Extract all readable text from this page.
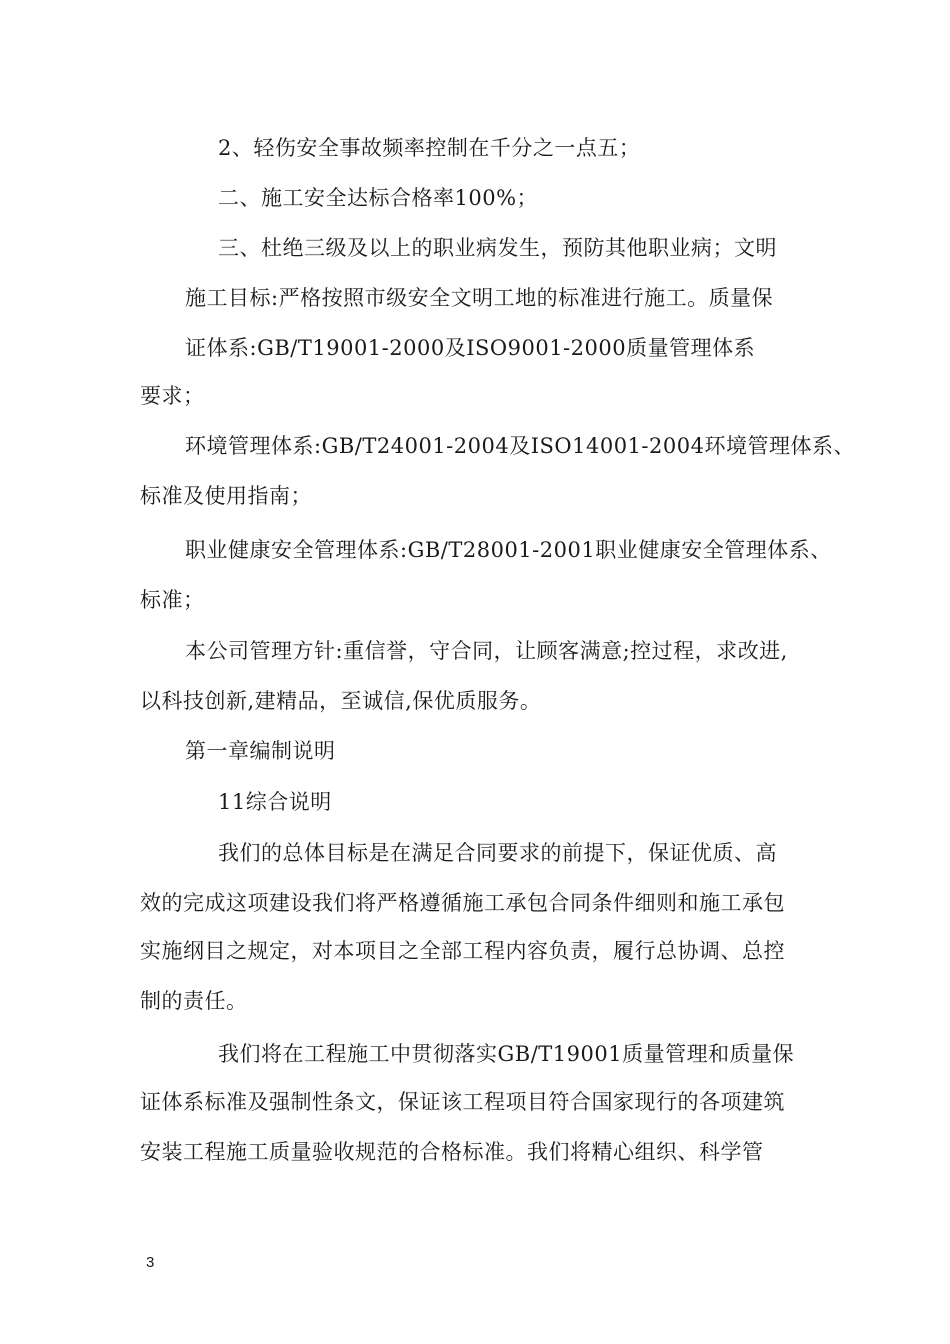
2、轻伤安全事故频率控制在千分之一点五；
二、施工安全达标合格率100%；
三、杜绝三级及以上的职业病发生，预防其他职业病；文明
施工目标:严格按照市级安全文明工地的标准进行施工。质量保
证体系:GB/T19001-2000及ISO9001-2000质量管理体系
要求；
环境管理体系:GB/T24001-2004及ISO14001-2004环境管理体系、
标准及使用指南；
职业健康安全管理体系:GB/T28001-2001职业健康安全管理体系、
标准；
本公司管理方针:重信誉，守合同，让顾客满意;控过程，求改进,
以科技创新,建精品，至诚信,保优质服务。
第一章编制说明
11综合说明
我们的总体目标是在满足合同要求的前提下，保证优质、高
效的完成这项建设我们将严格遵循施工承包合同条件细则和施工承包
实施纲目之规定，对本项目之全部工程内容负责，履行总协调、总控
制的责任。
我们将在工程施工中贯彻落实GB/T19001质量管理和质量保
证体系标准及强制性条文，保证该工程项目符合国家现行的各项建筑
安装工程施工质量验收规范的合格标准。我们将精心组织、科学管
3
